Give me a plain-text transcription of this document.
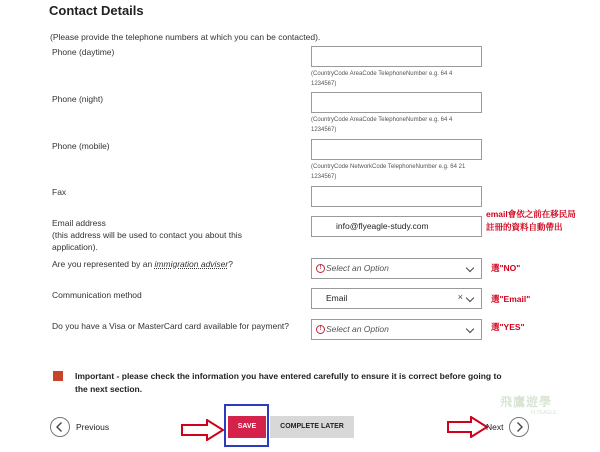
Contact Details
(Please provide the telephone numbers at which you can be contacted).
Phone (daytime)
(CountryCode AreaCode TelephoneNumber e.g. 64 4 1234567)
Phone (night)
(CountryCode AreaCode TelephoneNumber e.g. 64 4 1234567)
Phone (mobile)
(CountryCode NetworkCode TelephoneNumber e.g. 64 21 1234567)
Fax
Email address
(this address will be used to contact you about this
application).
info@flyeagle-study.com
email會依之前在移民局
註冊的資料自動帶出
Are you represented by an immigration adviser?	! Select an Option	選"NO"
Communication method	Email	×	選"Email"
Do you have a Visa or MasterCard card available for payment?	! Select an Option	選"YES"
Important - please check the information you have entered carefully to ensure it is correct before going to
the next section.
飛鷹遊學
FLYEAGLE
Previous	SAVE	COMPLETE LATER	Next
